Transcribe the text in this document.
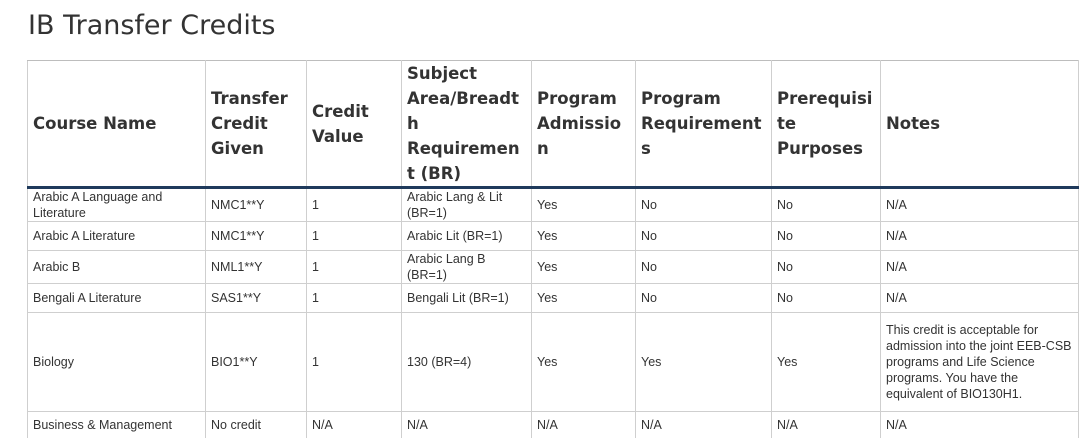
IB Transfer Credits
Course Name	Transfer Credit Given	Credit Value	Subject Area/Breadth Requirement (BR)	Program Admission	Program Requirements	Prerequisite Purposes	Notes
Arabic A Language and Literature	NMC1**Y	1	Arabic Lang & Lit (BR=1)	Yes	No	No	N/A
Arabic A Literature	NMC1**Y	1	Arabic Lit (BR=1)	Yes	No	No	N/A
Arabic B	NML1**Y	1	Arabic Lang B (BR=1)	Yes	No	No	N/A
Bengali A Literature	SAS1**Y	1	Bengali Lit (BR=1)	Yes	No	No	N/A
Biology	BIO1**Y	1	130 (BR=4)	Yes	Yes	Yes	This credit is acceptable for admission into the joint EEB-CSB programs and Life Science programs. You have the equivalent of BIO130H1.
Business & Management	No credit	N/A	N/A	N/A	N/A	N/A	N/A
